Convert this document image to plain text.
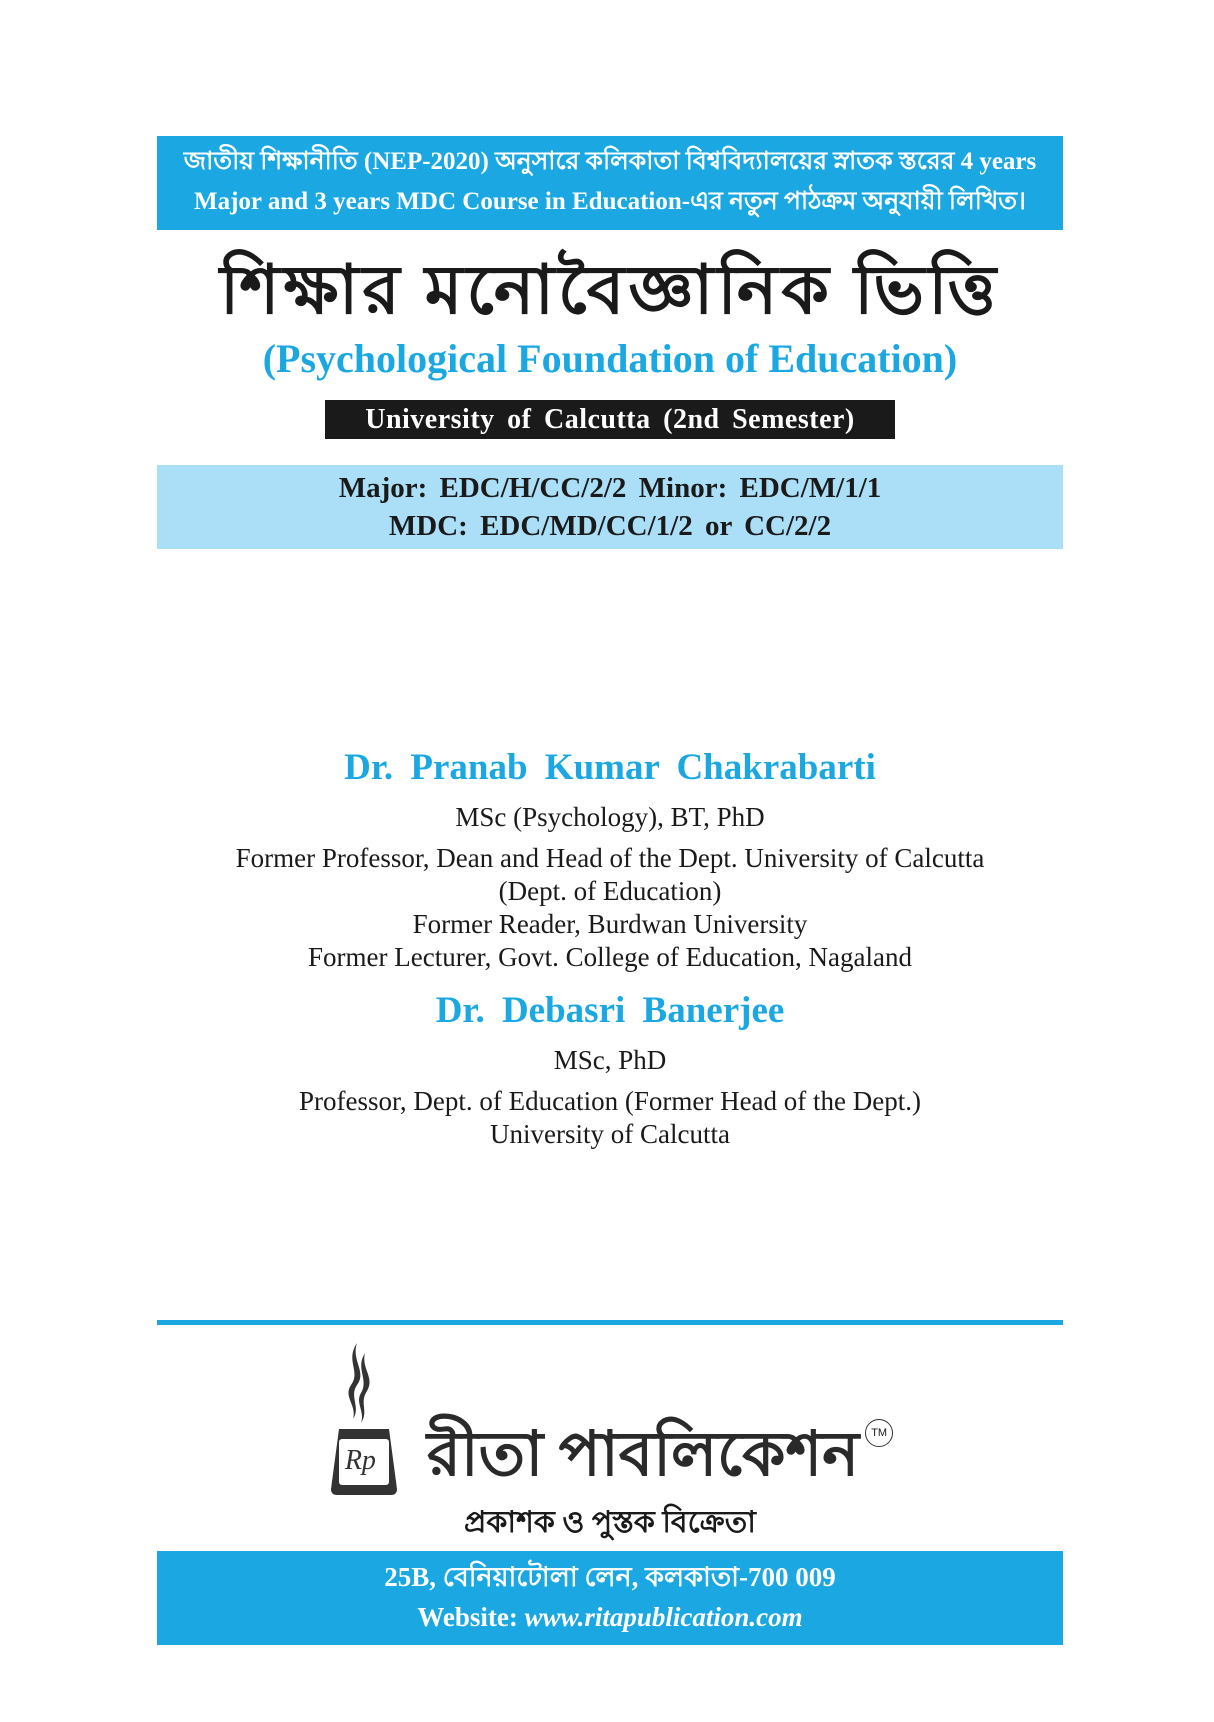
জাতীয় শিক্ষানীতি (NEP-2020) অনুসারে কলিকাতা বিশ্ববিদ্যালয়ের স্নাতক স্তরের 4 years
Major and 3 years MDC Course in Education-এর নতুন পাঠক্রম অনুযায়ী লিখিত।
শিক্ষার মনোবৈজ্ঞানিক ভিত্তি
(Psychological Foundation of Education)
University of Calcutta (2nd Semester)
Major: EDC/H/CC/2/2 Minor: EDC/M/1/1
MDC: EDC/MD/CC/1/2 or CC/2/2
Dr. Pranab Kumar Chakrabarti
MSc (Psychology), BT, PhD
Former Professor, Dean and Head of the Dept. University of Calcutta
(Dept. of Education)
Former Reader, Burdwan University
Former Lecturer, Govt. College of Education, Nagaland
Dr. Debasri Banerjee
MSc, PhD
Professor, Dept. of Education (Former Head of the Dept.)
University of Calcutta
Rp রীতা পাবলিকেশন	TM
প্রকাশক ও পুস্তক বিক্রেতা
25B, বেনিয়াটোলা লেন, কলকাতা-700 009
Website: www.ritapublication.com
